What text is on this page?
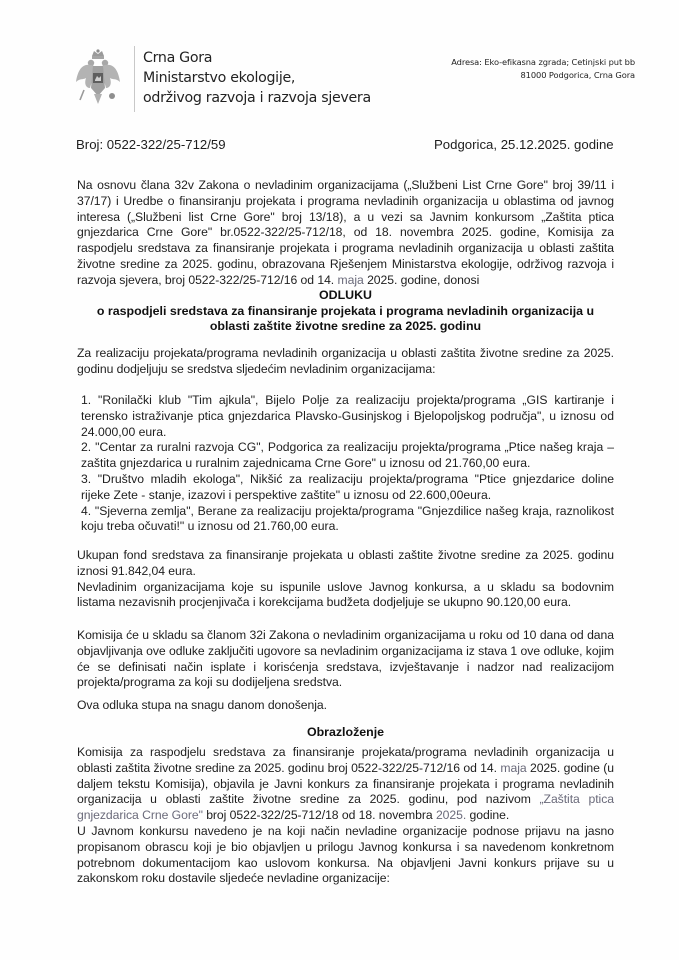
Crna Gora
Ministarstvo ekologije,
održivog razvoja i razvoja sjevera
Adresa: Eko-efikasna zgrada; Cetinjski put bb
81000 Podgorica, Crna Gora
Broj: 0522-322/25-712/59	Podgorica, 25.12.2025. godine
Na osnovu člana 32v Zakona o nevladinim organizacijama („Službeni List Crne Gore" broj 39/11 i 37/17) i Uredbe o finansiranju projekata i programa nevladinih organizacija u oblastima od javnog interesa („Službeni list Crne Gore" broj 13/18), a u vezi sa Javnim konkursom „Zaštita ptica gnjezdarica Crne Gore" br.0522-322/25-712/18, od 18. novembra 2025. godine, Komisija za raspodjelu sredstava za finansiranje projekata i programa nevladinih organizacija u oblasti zaštita životne sredine za 2025. godinu, obrazovana Rješenjem Ministarstva ekologije, održivog razvoja i razvoja sjevera, broj 0522-322/25-712/16 od 14. maja 2025. godine, donosi
ODLUKU
o raspodjeli sredstava za finansiranje projekata i programa nevladinih organizacija u
oblasti zaštite životne sredine za 2025. godinu

Za realizaciju projekata/programa nevladinih organizacija u oblasti zaštita životne sredine za 2025. godinu dodjeljuju se sredstva sljedećim nevladinim organizacijama:

1. "Ronilački klub "Tim ajkula", Bijelo Polje za realizaciju projekta/programa „GIS kartiranje i terensko istraživanje ptica gnjezdarica Plavsko-Gusinjskog i Bjelopoljskog područja", u iznosu od 24.000,00 eura.

2. "Centar za ruralni razvoja CG", Podgorica za realizaciju projekta/programa „Ptice našeg kraja – zaštita gnjezdarica u ruralnim zajednicama Crne Gore" u iznosu od 21.760,00 eura.

3. "Društvo mladih ekologa", Nikšić za realizaciju projekta/programa "Ptice gnjezdarice doline rijeke Zete - stanje, izazovi i perspektive zaštite" u iznosu od 22.600,00eura.

4. "Sjeverna zemlja", Berane za realizaciju projekta/programa "Gnjezdilice našeg kraja, raznolikost koju treba očuvati!" u iznosu od 21.760,00 eura.

Ukupan fond sredstava za finansiranje projekata u oblasti zaštite životne sredine za 2025. godinu iznosi 91.842,04 eura.

Nevladinim organizacijama koje su ispunile uslove Javnog konkursa, a u skladu sa bodovnim listama nezavisnih procjenjivača i korekcijama budžeta dodjeljuje se ukupno 90.120,00 eura.

Komisija će u skladu sa članom 32i Zakona o nevladinim organizacijama u roku od 10 dana od dana objavljivanja ove odluke zaključiti ugovore sa nevladinim organizacijama iz stava 1 ove odluke, kojim će se definisati način isplate i korisćenja sredstava, izvještavanje i nadzor nad realizacijom projekta/programa za koji su dodijeljena sredstva.

Ova odluka stupa na snagu danom donošenja.

Obrazloženje
Komisija za raspodjelu sredstava za finansiranje projekata/programa nevladinih organizacija u oblasti zaštita životne sredine za 2025. godinu broj 0522-322/25-712/16 od 14. maja 2025. godine (u daljem tekstu Komisija), objavila je Javni konkurs za finansiranje projekata i programa nevladinih organizacija u oblasti zaštite životne sredine za 2025. godinu, pod nazivom „Zaštita ptica gnjezdarica Crne Gore" broj 0522-322/25-712/18 od 18. novembra 2025. godine.

U Javnom konkursu navedeno je na koji način nevladine organizacije podnose prijavu na jasno propisanom obrascu koji je bio objavljen u prilogu Javnog konkursa i sa navedenom konkretnom potrebnom dokumentacijom kao uslovom konkursa. Na objavljeni Javni konkurs prijave su u zakonskom roku dostavile sljedeće nevladine organizacije:
